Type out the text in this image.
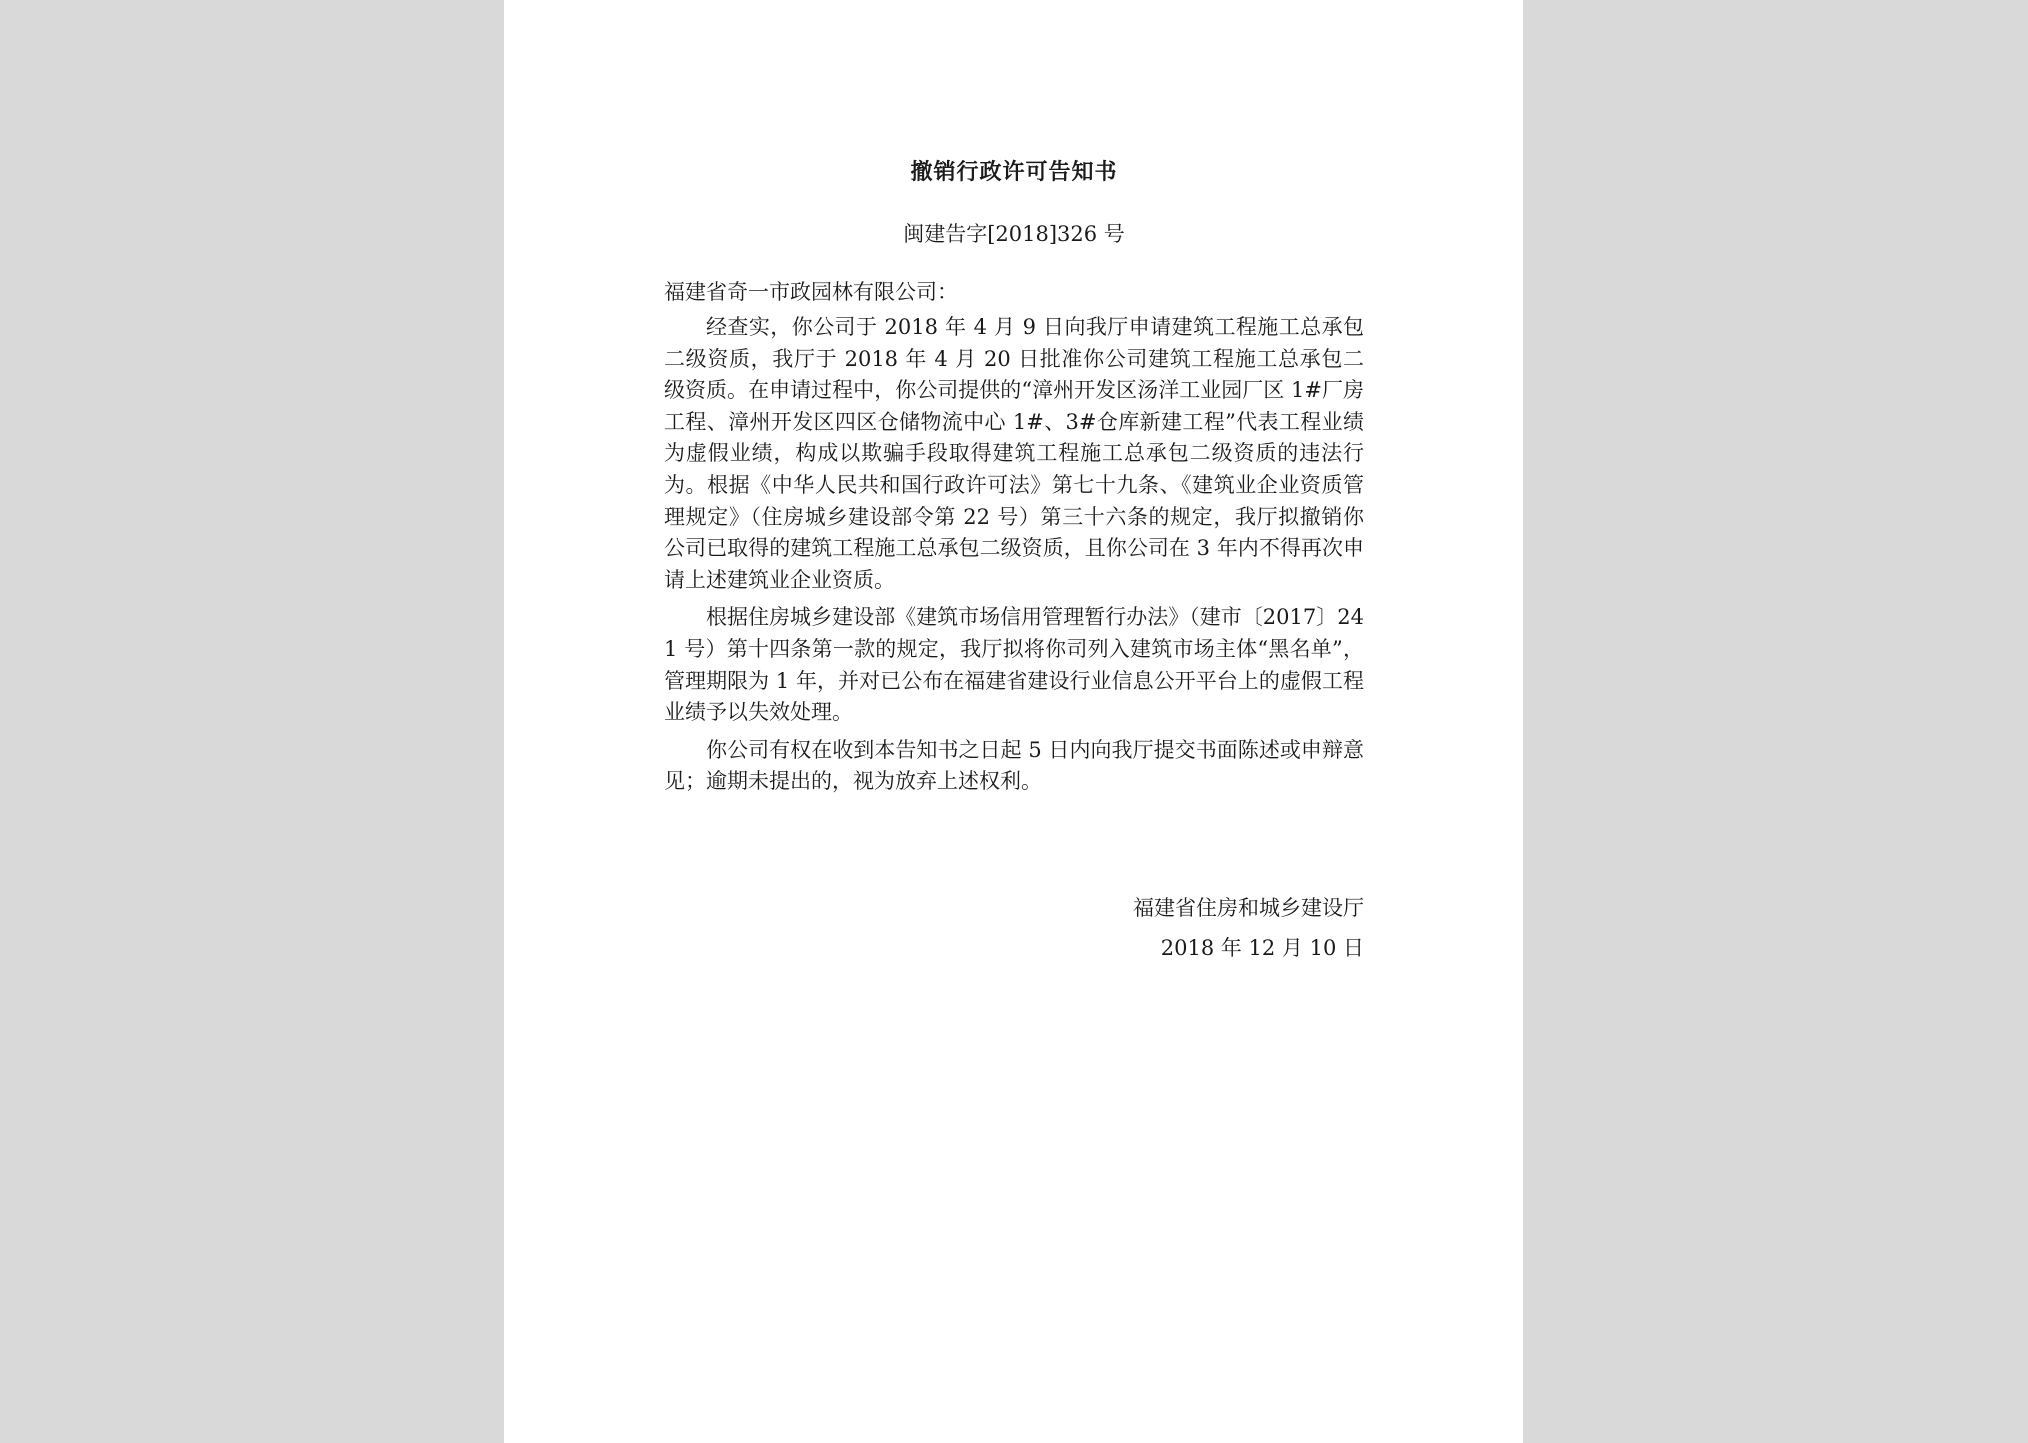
撤销行政许可告知书
闽建告字[2018]326 号
福建省奇一市政园林有限公司：

经查实，你公司于 2018 年 4 月 9 日向我厅申请建筑工程施工总承包二级资质，我厅于 2018 年 4 月 20 日批准你公司建筑工程施工总承包二级资质。在申请过程中，你公司提供的“漳州开发区汤洋工业园厂区 1#厂房工程、漳州开发区四区仓储物流中心 1#、3#仓库新建工程”代表工程业绩为虚假业绩，构成以欺骗手段取得建筑工程施工总承包二级资质的违法行为。根据《中华人民共和国行政许可法》第七十九条、《建筑业企业资质管理规定》（住房城乡建设部令第 22 号）第三十六条的规定，我厅拟撤销你公司已取得的建筑工程施工总承包二级资质，且你公司在 3 年内不得再次申请上述建筑业企业资质。

根据住房城乡建设部《建筑市场信用管理暂行办法》（建市〔2017〕241 号）第十四条第一款的规定，我厅拟将你司列入建筑市场主体“黑名单”，管理期限为 1 年，并对已公布在福建省建设行业信息公开平台上的虚假工程业绩予以失效处理。

你公司有权在收到本告知书之日起 5 日内向我厅提交书面陈述或申辩意见；逾期未提出的，视为放弃上述权利。

福建省住房和城乡建设厅
2018 年 12 月 10 日
